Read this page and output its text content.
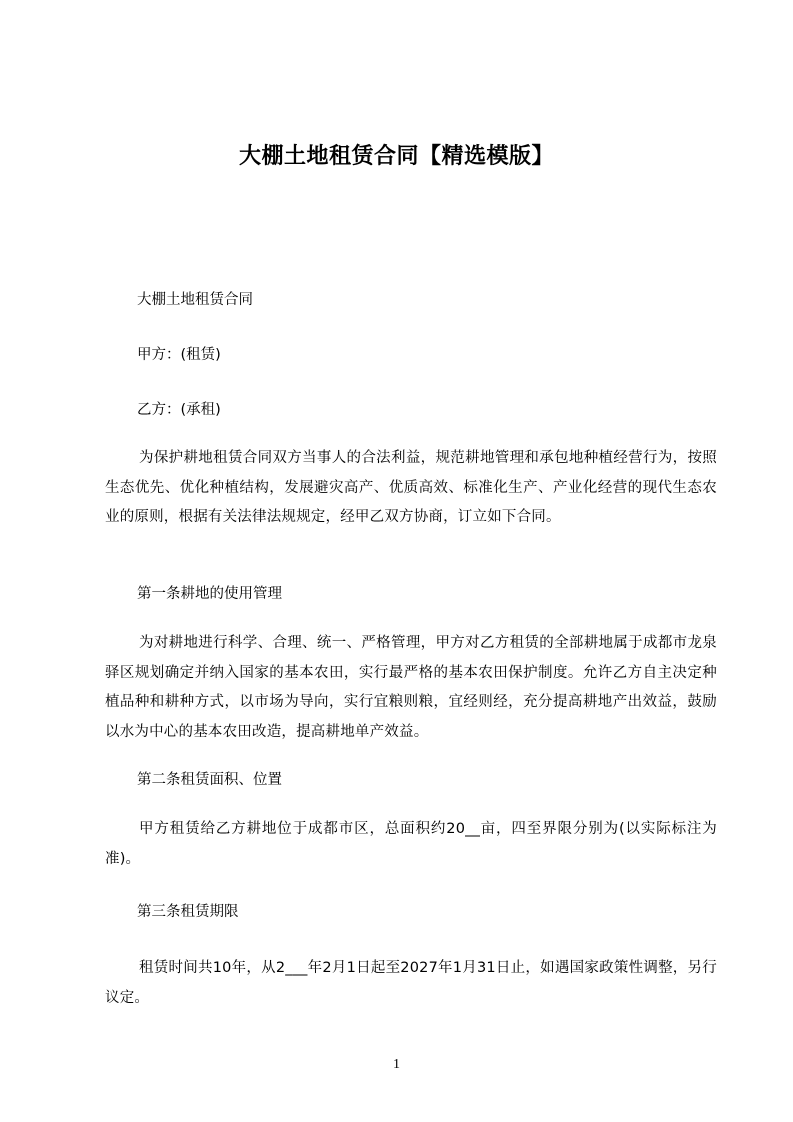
大棚土地租赁合同【精选模版】
大棚土地租赁合同
甲方：(租赁)
乙方：(承租)
为保护耕地租赁合同双方当事人的合法利益，规范耕地管理和承包地种植经营行为，按照生态优先、优化种植结构，发展避灾高产、优质高效、标准化生产、产业化经营的现代生态农业的原则，根据有关法律法规规定，经甲乙双方协商，订立如下合同。
第一条耕地的使用管理
为对耕地进行科学、合理、统一、严格管理，甲方对乙方租赁的全部耕地属于成都市龙泉驿区规划确定并纳入国家的基本农田，实行最严格的基本农田保护制度。允许乙方自主决定种植品种和耕种方式，以市场为导向，实行宜粮则粮，宜经则经，充分提高耕地产出效益，鼓励以水为中心的基本农田改造，提高耕地单产效益。
第二条租赁面积、位置
甲方租赁给乙方耕地位于成都市区，总面积约20__亩，四至界限分别为(以实际标注为准)。
第三条租赁期限
租赁时间共10年，从2___年2月1日起至2027年1月31日止，如遇国家政策性调整，另行议定。
1
